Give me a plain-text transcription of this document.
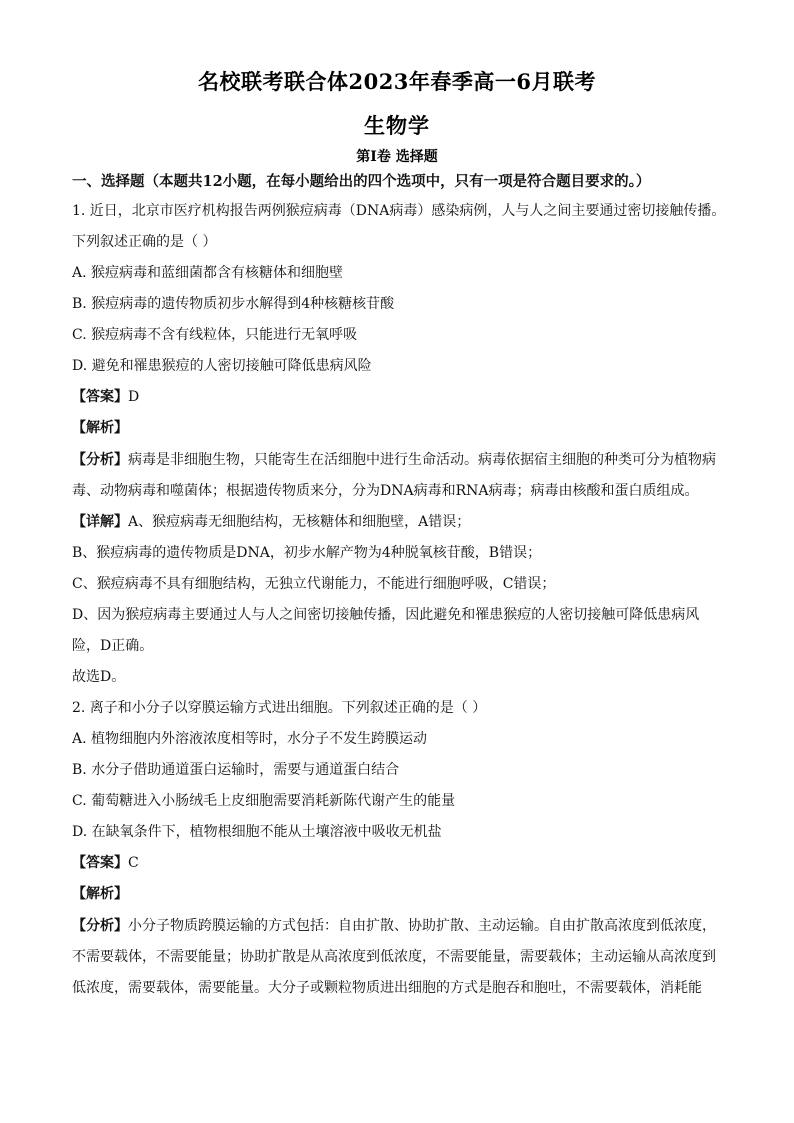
名校联考联合体2023年春季高一6月联考
生物学
第I卷 选择题
一、选择题（本题共12小题，在每小题给出的四个选项中，只有一项是符合题目要求的。）
1. 近日，北京市医疗机构报告两例猴痘病毒（DNA病毒）感染病例，人与人之间主要通过密切接触传播。
下列叙述正确的是（ ）
A. 猴痘病毒和蓝细菌都含有核糖体和细胞壁
B. 猴痘病毒的遗传物质初步水解得到4种核糖核苷酸
C. 猴痘病毒不含有线粒体，只能进行无氧呼吸
D. 避免和罹患猴痘的人密切接触可降低患病风险
【答案】D
【解析】
【分析】病毒是非细胞生物，只能寄生在活细胞中进行生命活动。病毒依据宿主细胞的种类可分为植物病
毒、动物病毒和噬菌体；根据遗传物质来分，分为DNA病毒和RNA病毒；病毒由核酸和蛋白质组成。
【详解】A、猴痘病毒无细胞结构，无核糖体和细胞壁，A错误；
B、猴痘病毒的遗传物质是DNA，初步水解产物为4种脱氧核苷酸，B错误；
C、猴痘病毒不具有细胞结构，无独立代谢能力，不能进行细胞呼吸，C错误；
D、因为猴痘病毒主要通过人与人之间密切接触传播，因此避免和罹患猴痘的人密切接触可降低患病风
险，D正确。
故选D。
2. 离子和小分子以穿膜运输方式进出细胞。下列叙述正确的是（ ）
A. 植物细胞内外溶液浓度相等时，水分子不发生跨膜运动
B. 水分子借助通道蛋白运输时，需要与通道蛋白结合
C. 葡萄糖进入小肠绒毛上皮细胞需要消耗新陈代谢产生的能量
D. 在缺氧条件下，植物根细胞不能从土壤溶液中吸收无机盐
【答案】C
【解析】
【分析】小分子物质跨膜运输的方式包括：自由扩散、协助扩散、主动运输。自由扩散高浓度到低浓度，
不需要载体，不需要能量；协助扩散是从高浓度到低浓度，不需要能量，需要载体；主动运输从高浓度到
低浓度，需要载体，需要能量。大分子或颗粒物质进出细胞的方式是胞吞和胞吐，不需要载体，消耗能
